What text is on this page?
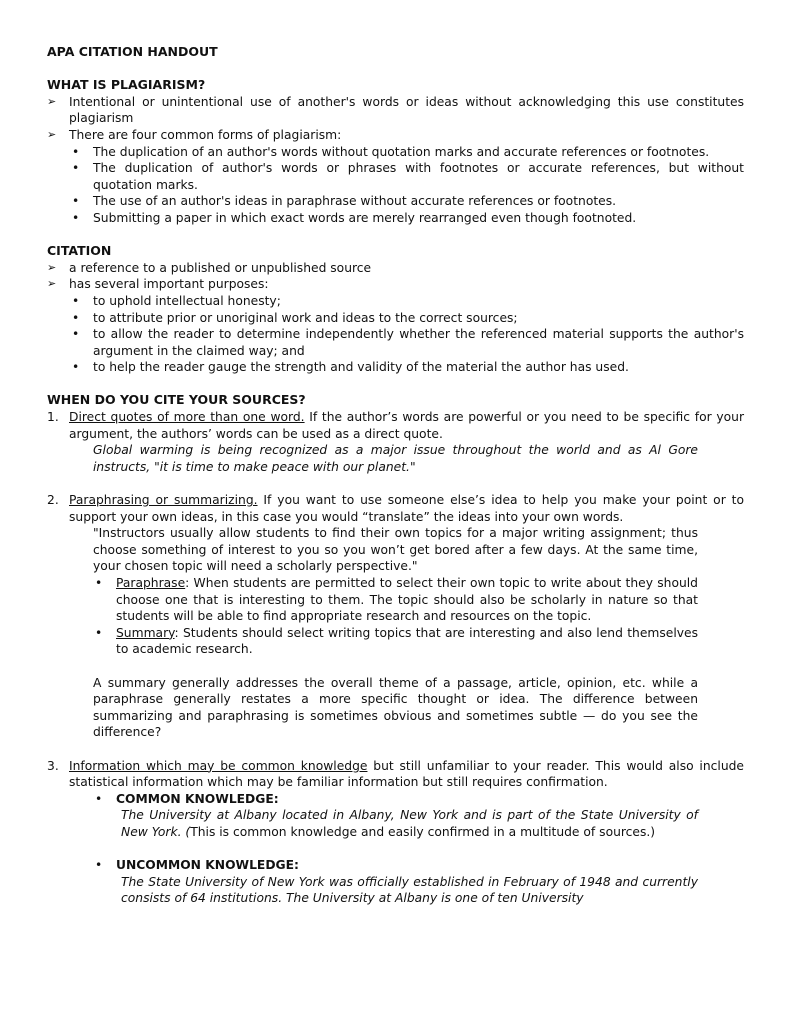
APA CITATION HANDOUT

WHAT IS PLAGIARISM?

➢ Intentional or unintentional use of another's words or ideas without acknowledging this use constitutes plagiarism
➢ There are four common forms of plagiarism:
• The duplication of an author's words without quotation marks and accurate references or footnotes.
• The duplication of author's words or phrases with footnotes or accurate references, but without quotation marks.
• The use of an author's ideas in paraphrase without accurate references or footnotes.
• Submitting a paper in which exact words are merely rearranged even though footnoted.

CITATION

➢ a reference to a published or unpublished source
➢ has several important purposes:
• to uphold intellectual honesty;
• to attribute prior or unoriginal work and ideas to the correct sources;
• to allow the reader to determine independently whether the referenced material supports the author's argument in the claimed way; and
• to help the reader gauge the strength and validity of the material the author has used.

WHEN DO YOU CITE YOUR SOURCES?

1. Direct quotes of more than one word. If the author’s words are powerful or you need to be specific for your argument, the authors’ words can be used as a direct quote.
Global warming is being recognized as a major issue throughout the world and as Al Gore instructs, "it is time to make peace with our planet."
2. Paraphrasing or summarizing. If you want to use someone else’s idea to help you make your point or to support your own ideas, in this case you would “translate” the ideas into your own words.
"Instructors usually allow students to find their own topics for a major writing assignment; thus choose something of interest to you so you won’t get bored after a few days. At the same time, your chosen topic will need a scholarly perspective."
• Paraphrase: When students are permitted to select their own topic to write about they should choose one that is interesting to them. The topic should also be scholarly in nature so that students will be able to find appropriate research and resources on the topic.
• Summary: Students should select writing topics that are interesting and also lend themselves to academic research.
A summary generally addresses the overall theme of a passage, article, opinion, etc. while a paraphrase generally restates a more specific thought or idea. The difference between summarizing and paraphrasing is sometimes obvious and sometimes subtle — do you see the difference?
3. Information which may be common knowledge but still unfamiliar to your reader. This would also include statistical information which may be familiar information but still requires confirmation.
• COMMON KNOWLEDGE:
The University at Albany located in Albany, New York and is part of the State University of New York. (This is common knowledge and easily confirmed in a multitude of sources.)
• UNCOMMON KNOWLEDGE:
The State University of New York was officially established in February of 1948 and currently consists of 64 institutions. The University at Albany is one of ten University
